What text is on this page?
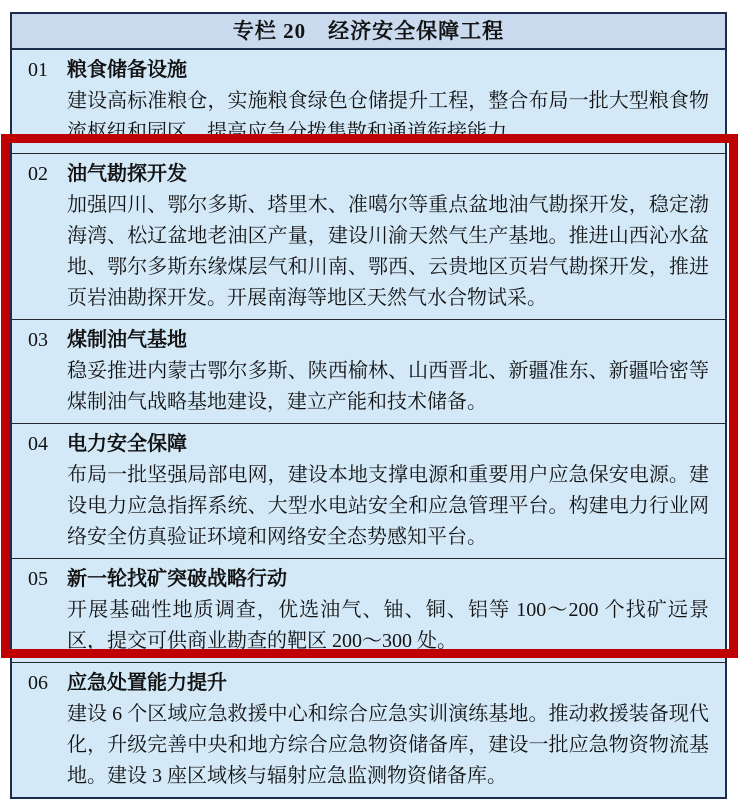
专栏 20　经济安全保障工程
01 粮食储备设施
建设高标准粮仓，实施粮食绿色仓储提升工程，整合布局一批大型粮食物流枢纽和园区，提高应急分拨集散和通道衔接能力。
02 油气勘探开发
加强四川、鄂尔多斯、塔里木、准噶尔等重点盆地油气勘探开发，稳定渤海湾、松辽盆地老油区产量，建设川渝天然气生产基地。推进山西沁水盆地、鄂尔多斯东缘煤层气和川南、鄂西、云贵地区页岩气勘探开发，推进页岩油勘探开发。开展南海等地区天然气水合物试采。
03 煤制油气基地
稳妥推进内蒙古鄂尔多斯、陕西榆林、山西晋北、新疆准东、新疆哈密等煤制油气战略基地建设，建立产能和技术储备。
04 电力安全保障
布局一批坚强局部电网，建设本地支撑电源和重要用户应急保安电源。建设电力应急指挥系统、大型水电站安全和应急管理平台。构建电力行业网络安全仿真验证环境和网络安全态势感知平台。
05 新一轮找矿突破战略行动
开展基础性地质调查，优选油气、铀、铜、铝等 100～200 个找矿远景区，提交可供商业勘查的靶区 200～300 处。
06 应急处置能力提升
建设 6 个区域应急救援中心和综合应急实训演练基地。推动救援装备现代化，升级完善中央和地方综合应急物资储备库，建设一批应急物资物流基地。建设 3 座区域核与辐射应急监测物资储备库。
